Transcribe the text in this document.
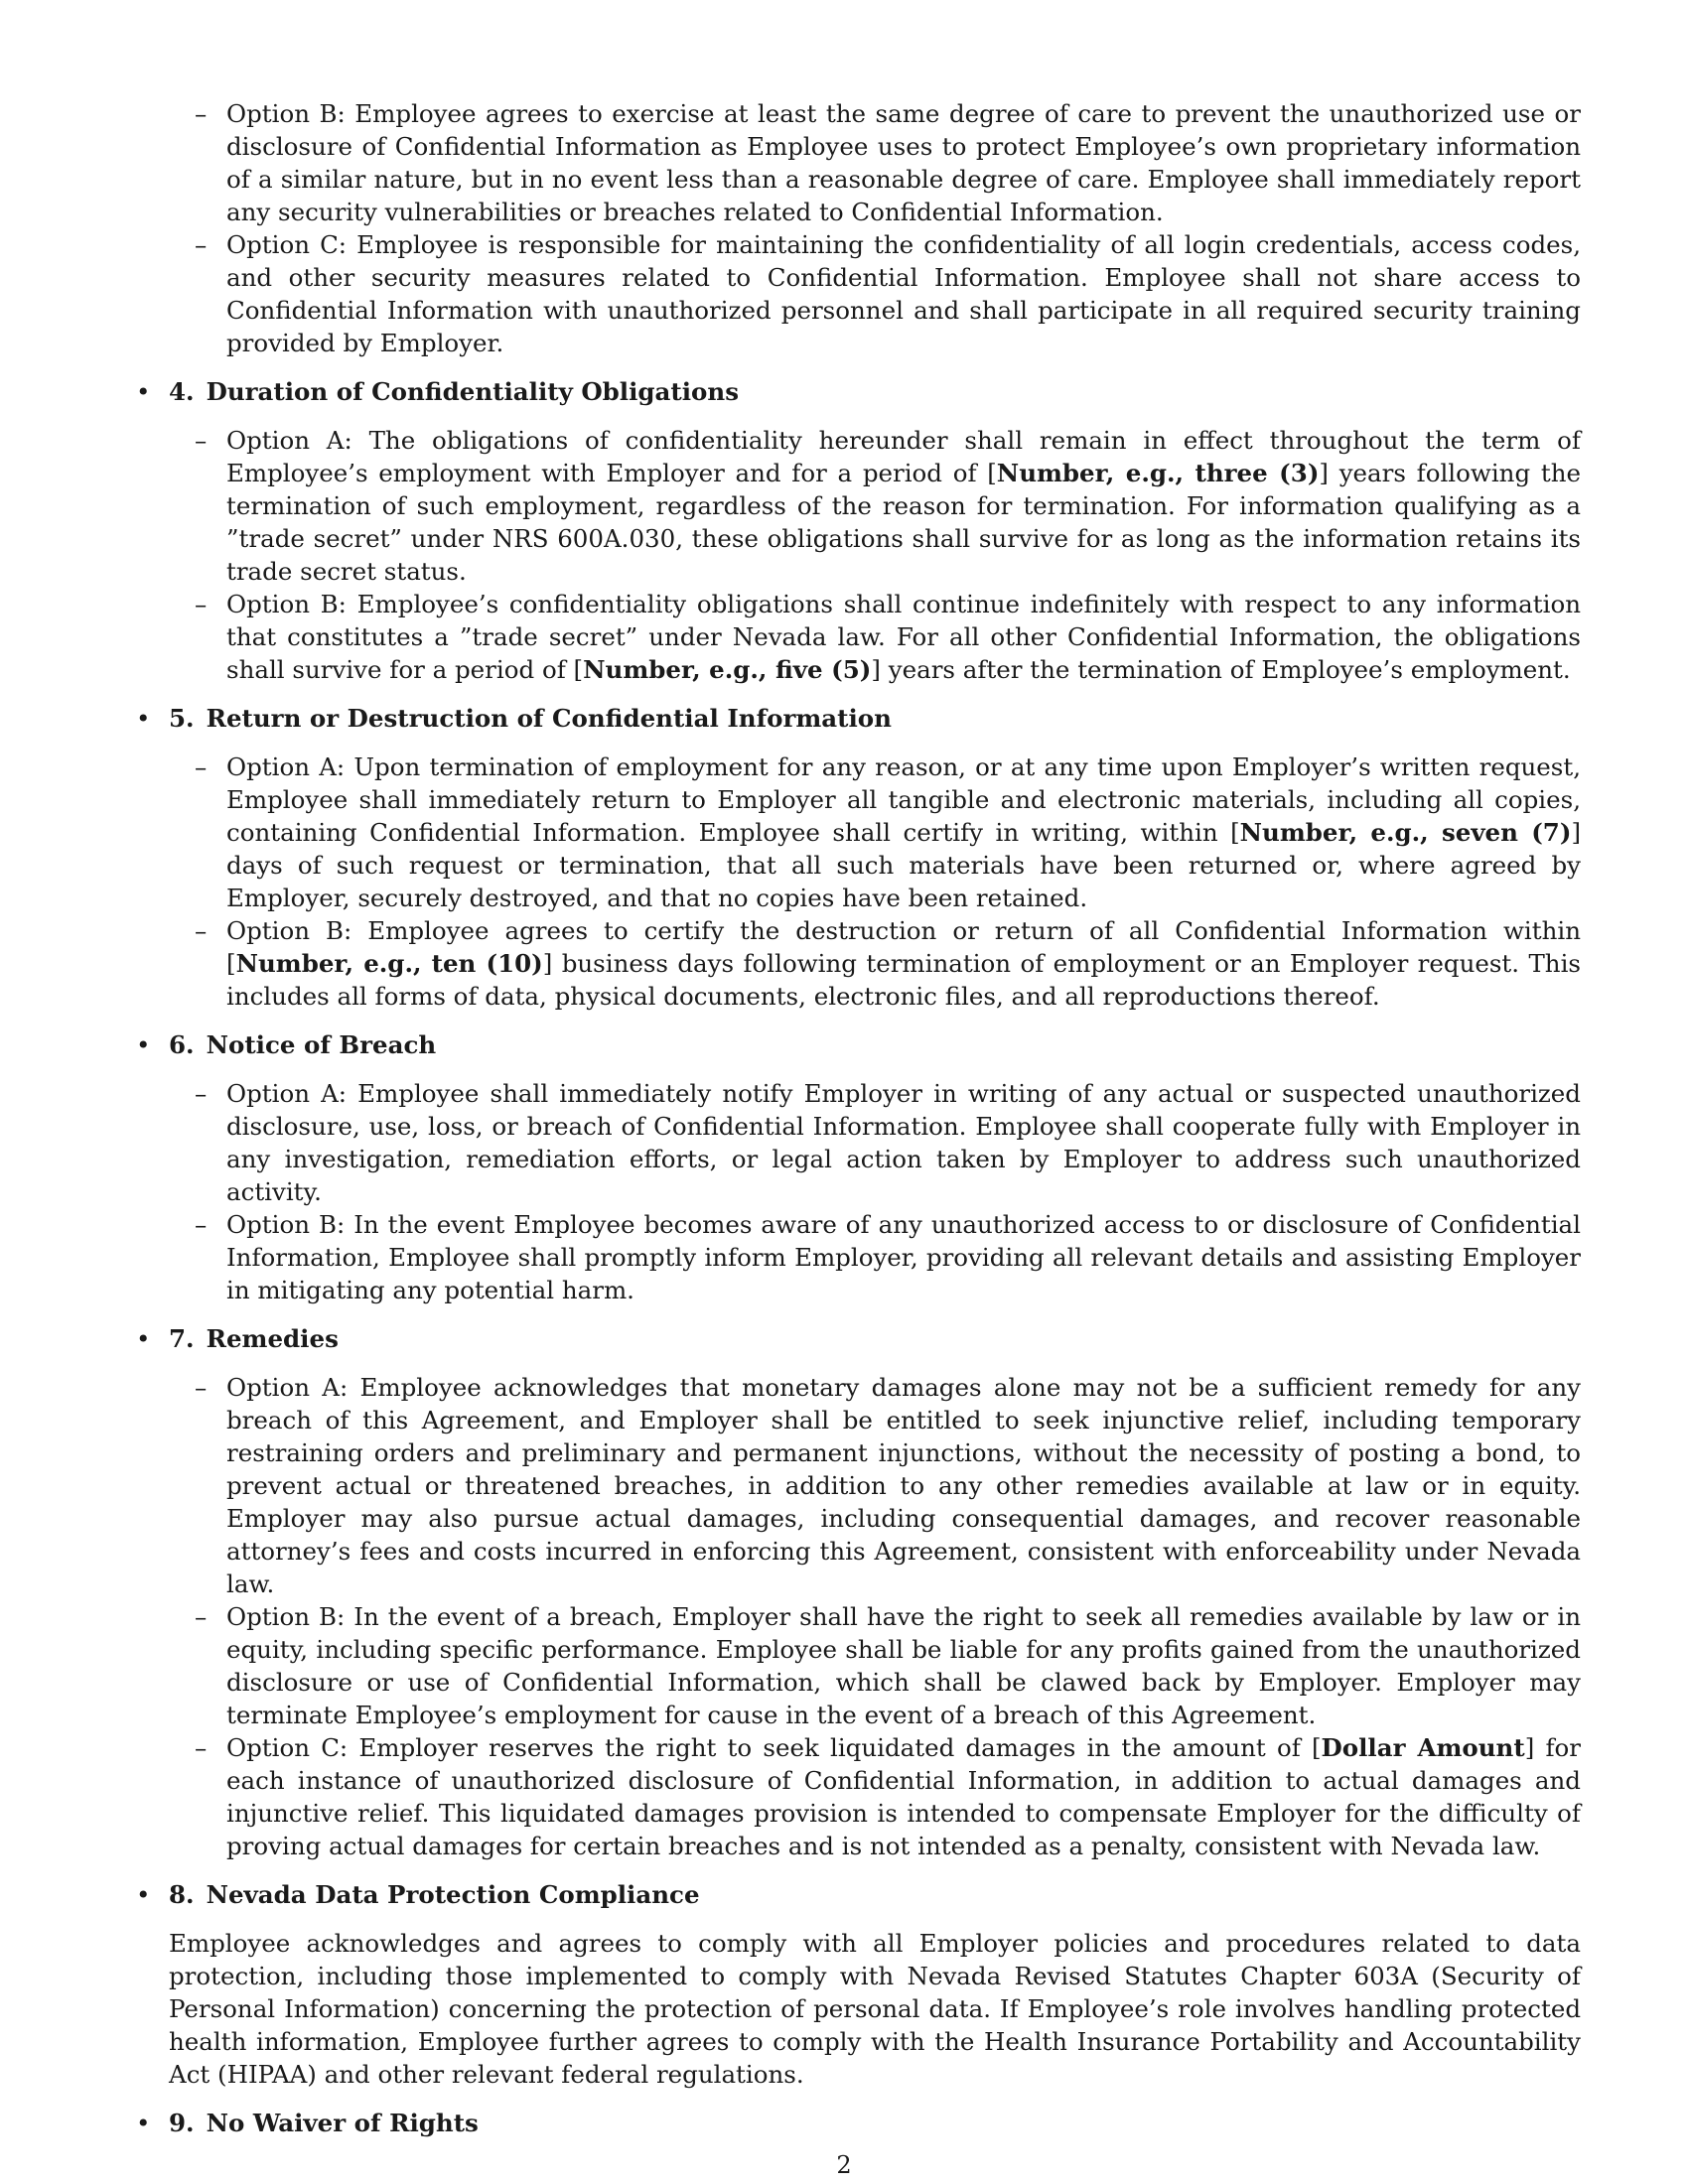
– Option B: Employee agrees to exercise at least the same degree of care to prevent the unauthorized use or disclosure of Confidential Information as Employee uses to protect Employee’s own proprietary information of a similar nature, but in no event less than a reasonable degree of care. Employee shall immediately report any security vulnerabilities or breaches related to Confidential Information.
– Option C: Employee is responsible for maintaining the confidentiality of all login credentials, access codes, and other security measures related to Confidential Information. Employee shall not share access to Confidential Information with unauthorized personnel and shall participate in all required security training provided by Employer.
• 4. Duration of Confidentiality Obligations
– Option A: The obligations of confidentiality hereunder shall remain in effect throughout the term of Employee’s employment with Employer and for a period of [Number, e.g., three (3)] years following the termination of such employment, regardless of the reason for termination. For information qualifying as a ”trade secret” under NRS 600A.030, these obligations shall survive for as long as the information retains its trade secret status.
– Option B: Employee’s confidentiality obligations shall continue indefinitely with respect to any information that constitutes a ”trade secret” under Nevada law. For all other Confidential Information, the obligations shall survive for a period of [Number, e.g., five (5)] years after the termination of Employee’s employment.
• 5. Return or Destruction of Confidential Information
– Option A: Upon termination of employment for any reason, or at any time upon Employer’s written request, Employee shall immediately return to Employer all tangible and electronic materials, including all copies, containing Confidential Information. Employee shall certify in writing, within [Number, e.g., seven (7)] days of such request or termination, that all such materials have been returned or, where agreed by Employer, securely destroyed, and that no copies have been retained.
– Option B: Employee agrees to certify the destruction or return of all Confidential Information within [Number, e.g., ten (10)] business days following termination of employment or an Employer request. This includes all forms of data, physical documents, electronic files, and all reproductions thereof.
• 6. Notice of Breach
– Option A: Employee shall immediately notify Employer in writing of any actual or suspected unauthorized disclosure, use, loss, or breach of Confidential Information. Employee shall cooperate fully with Employer in any investigation, remediation efforts, or legal action taken by Employer to address such unauthorized activity.
– Option B: In the event Employee becomes aware of any unauthorized access to or disclosure of Confidential Information, Employee shall promptly inform Employer, providing all relevant details and assisting Employer in mitigating any potential harm.
• 7. Remedies
– Option A: Employee acknowledges that monetary damages alone may not be a sufficient remedy for any breach of this Agreement, and Employer shall be entitled to seek injunctive relief, including temporary restraining orders and preliminary and permanent injunctions, without the necessity of posting a bond, to prevent actual or threatened breaches, in addition to any other remedies available at law or in equity. Employer may also pursue actual damages, including consequential damages, and recover reasonable attorney’s fees and costs incurred in enforcing this Agreement, consistent with enforceability under Nevada law.
– Option B: In the event of a breach, Employer shall have the right to seek all remedies available by law or in equity, including specific performance. Employee shall be liable for any profits gained from the unauthorized disclosure or use of Confidential Information, which shall be clawed back by Employer. Employer may terminate Employee’s employment for cause in the event of a breach of this Agreement.
– Option C: Employer reserves the right to seek liquidated damages in the amount of [Dollar Amount] for each instance of unauthorized disclosure of Confidential Information, in addition to actual damages and injunctive relief. This liquidated damages provision is intended to compensate Employer for the difficulty of proving actual damages for certain breaches and is not intended as a penalty, consistent with Nevada law.
• 8. Nevada Data Protection Compliance

Employee acknowledges and agrees to comply with all Employer policies and procedures related to data protection, including those implemented to comply with Nevada Revised Statutes Chapter 603A (Security of Personal Information) concerning the protection of personal data. If Employee’s role involves handling protected health information, Employee further agrees to comply with the Health Insurance Portability and Accountability Act (HIPAA) and other relevant federal regulations.

• 9. No Waiver of Rights
2
